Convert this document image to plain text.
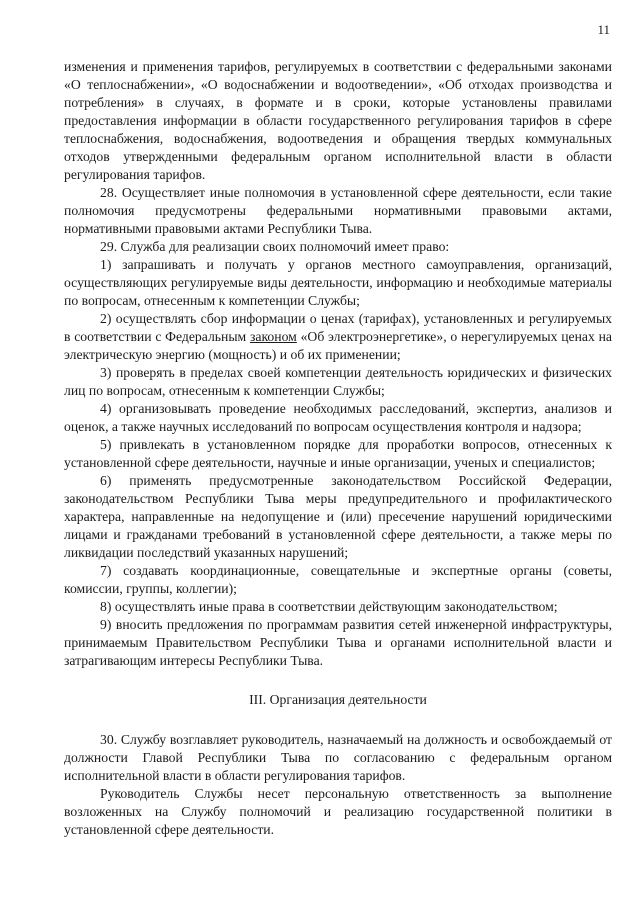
11

изменения и применения тарифов, регулируемых в соответствии с федеральными законами «О теплоснабжении», «О водоснабжении и водоотведении», «Об отходах производства и потребления» в случаях, в формате и в сроки, которые установлены правилами предоставления информации в области государственного регулирования тарифов в сфере теплоснабжения, водоснабжения, водоотведения и обращения твердых коммунальных отходов утвержденными федеральным органом исполнительной власти в области регулирования тарифов.

28. Осуществляет иные полномочия в установленной сфере деятельности, если такие полномочия предусмотрены федеральными нормативными правовыми актами, нормативными правовыми актами Республики Тыва.

29. Служба для реализации своих полномочий имеет право:

1) запрашивать и получать у органов местного самоуправления, организаций, осуществляющих регулируемые виды деятельности, информацию и необходимые материалы по вопросам, отнесенным к компетенции Службы;

2) осуществлять сбор информации о ценах (тарифах), установленных и регулируемых в соответствии с Федеральным законом «Об электроэнергетике», о нерегулируемых ценах на электрическую энергию (мощность) и об их применении;

3) проверять в пределах своей компетенции деятельность юридических и физических лиц по вопросам, отнесенным к компетенции Службы;

4) организовывать проведение необходимых расследований, экспертиз, анализов и оценок, а также научных исследований по вопросам осуществления контроля и надзора;

5) привлекать в установленном порядке для проработки вопросов, отнесенных к установленной сфере деятельности, научные и иные организации, ученых и специалистов;

6) применять предусмотренные законодательством Российской Федерации, законодательством Республики Тыва меры предупредительного и профилактического характера, направленные на недопущение и (или) пресечение нарушений юридическими лицами и гражданами требований в установленной сфере деятельности, а также меры по ликвидации последствий указанных нарушений;

7) создавать координационные, совещательные и экспертные органы (советы, комиссии, группы, коллегии);

8) осуществлять иные права в соответствии действующим законодательством;

9) вносить предложения по программам развития сетей инженерной инфраструктуры, принимаемым Правительством Республики Тыва и органами исполнительной власти и затрагивающим интересы Республики Тыва.

III. Организация деятельности

30. Службу возглавляет руководитель, назначаемый на должность и освобождаемый от должности Главой Республики Тыва по согласованию с федеральным органом исполнительной власти в области регулирования тарифов.

Руководитель Службы несет персональную ответственность за выполнение возложенных на Службу полномочий и реализацию государственной политики в установленной сфере деятельности.
